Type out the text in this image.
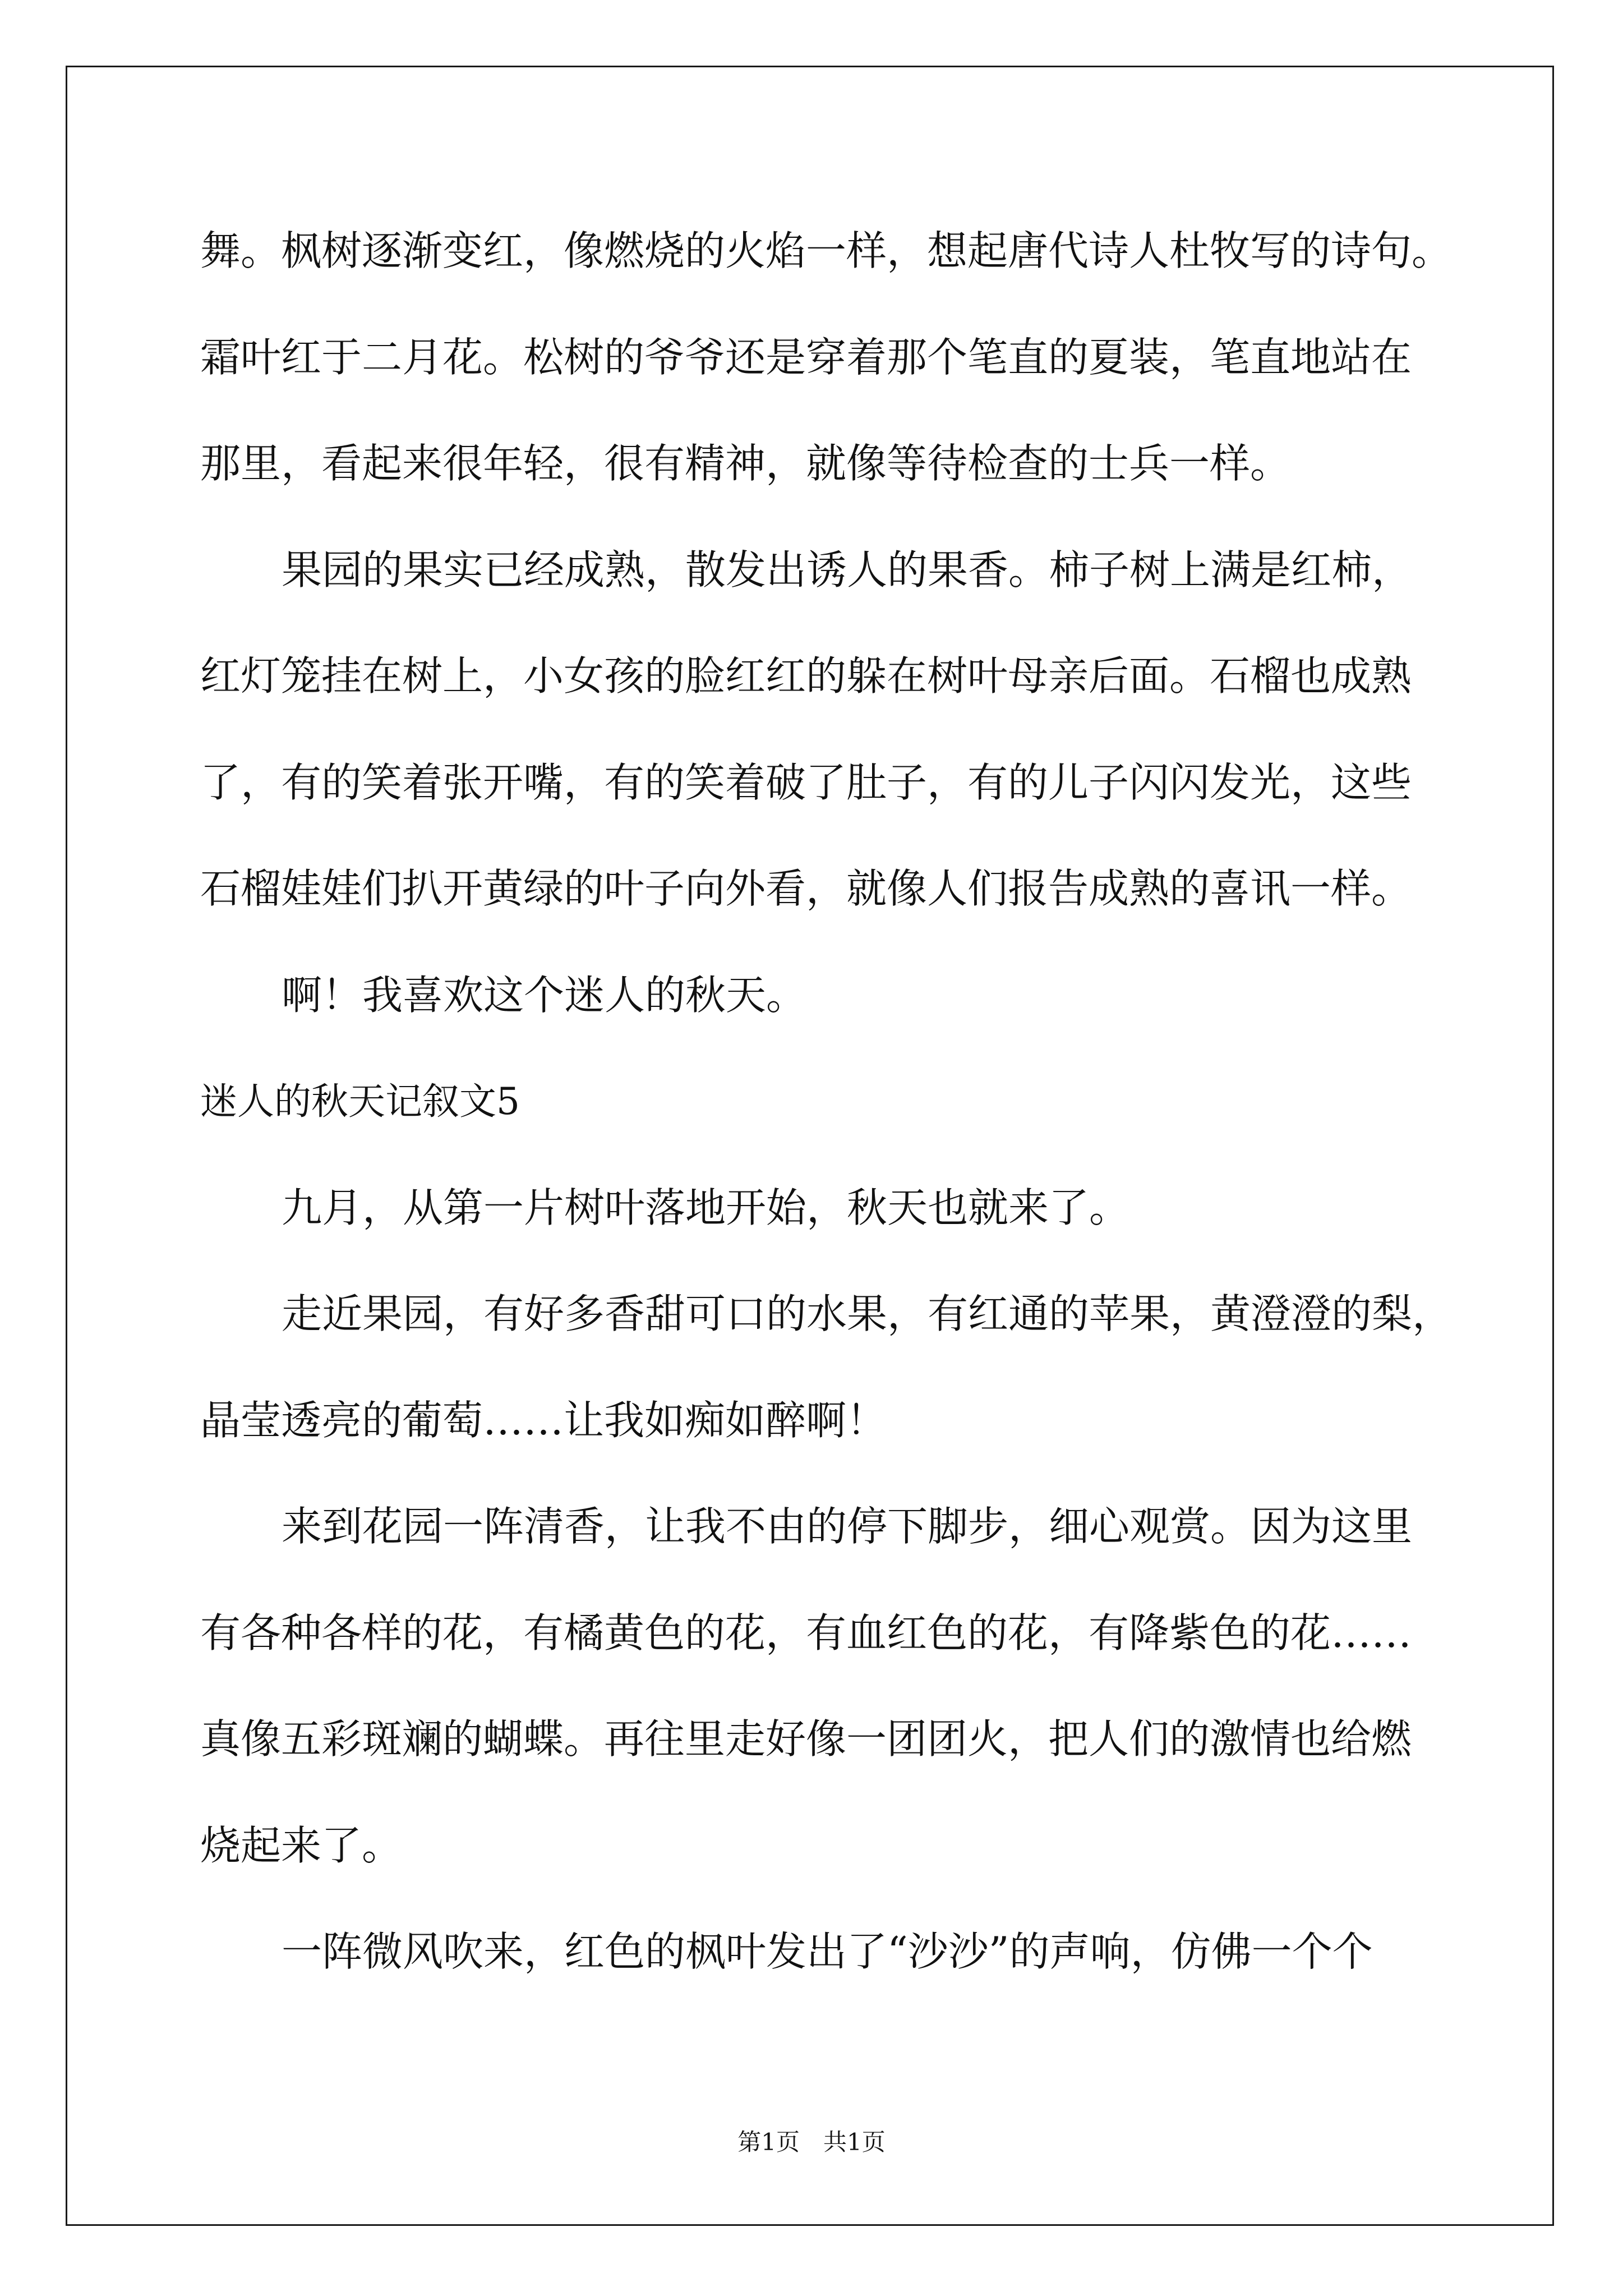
舞。枫树逐渐变红，像燃烧的火焰一样，想起唐代诗人杜牧写的诗句。
霜叶红于二月花。松树的爷爷还是穿着那个笔直的夏装，笔直地站在
那里，看起来很年轻，很有精神，就像等待检查的士兵一样。
果园的果实已经成熟，散发出诱人的果香。柿子树上满是红柿，
红灯笼挂在树上，小女孩的脸红红的躲在树叶母亲后面。石榴也成熟
了，有的笑着张开嘴，有的笑着破了肚子，有的儿子闪闪发光，这些
石榴娃娃们扒开黄绿的叶子向外看，就像人们报告成熟的喜讯一样。
啊！我喜欢这个迷人的秋天。
迷人的秋天记叙文5
九月，从第一片树叶落地开始，秋天也就来了。
走近果园，有好多香甜可口的水果，有红通的苹果，黄澄澄的梨，
晶莹透亮的葡萄……让我如痴如醉啊！
来到花园一阵清香，让我不由的停下脚步，细心观赏。因为这里
有各种各样的花，有橘黄色的花，有血红色的花，有降紫色的花……
真像五彩斑斓的蝴蝶。再往里走好像一团团火，把人们的激情也给燃
烧起来了。
一阵微风吹来，红色的枫叶发出了“沙沙”的声响，仿佛一个个
第1页　共1页
